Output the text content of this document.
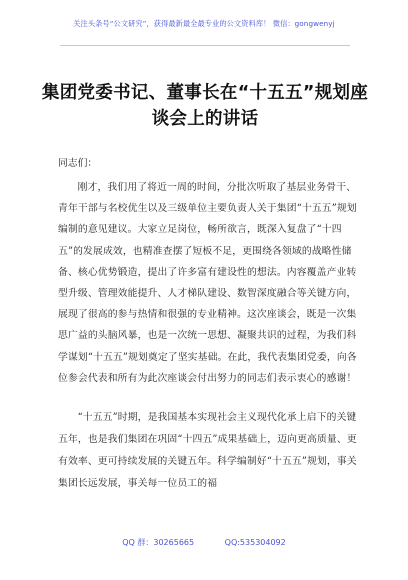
关注头条号“公文研究”，获得最新最全最专业的公文资料库！ 微信：gongwenyj
集团党委书记、董事长在“十五五”规划座谈会上的讲话

同志们：

刚才，我们用了将近一周的时间，分批次听取了基层业务骨干、青年干部与名校优生以及三级单位主要负责人关于集团“十五五”规划编制的意见建议。大家立足岗位，畅所欲言，既深入复盘了“十四五”的发展成效，也精准查摆了短板不足，更围绕各领域的战略性储备、核心优势锻造，提出了许多富有建设性的想法。内容覆盖产业转型升级、管理效能提升、人才梯队建设、数智深度融合等关键方向，展现了很高的参与热情和很强的专业精神。这次座谈会，既是一次集思广益的头脑风暴，也是一次统一思想、凝聚共识的过程，为我们科学谋划“十五五”规划奠定了坚实基础。在此，我代表集团党委，向各位参会代表和所有为此次座谈会付出努力的同志们表示衷心的感谢！

“十五五”时期，是我国基本实现社会主义现代化承上启下的关键五年，也是我们集团在巩固“十四五”成果基础上，迈向更高质量、更有效率、更可持续发展的关键五年。科学编制好“十五五”规划，事关集团长远发展，事关每一位员工的福

QQ 群：30265665	QQ:535304092
